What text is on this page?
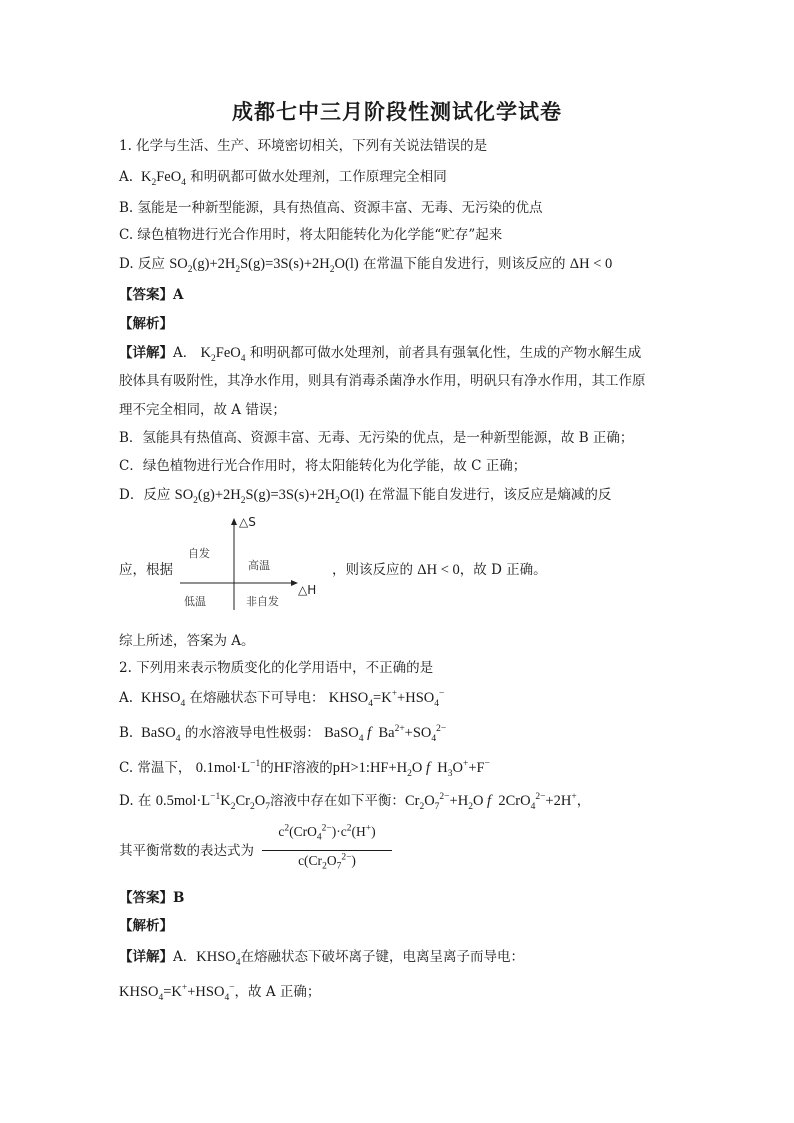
成都七中三月阶段性测试化学试卷
1. 化学与生活、生产、环境密切相关，下列有关说法错误的是
A.  $K_2FeO_4$ 和明矾都可做水处理剂，工作原理完全相同
B. 氢能是一种新型能源，具有热值高、资源丰富、无毒、无污染的优点
C. 绿色植物进行光合作用时，将太阳能转化为化学能“贮存”起来
D. 反应 $SO_2(g)+2H_2S(g)=3S(s)+2H_2O(l)$ 在常温下能自发进行，则该反应的 ΔH < 0
【答案】A
【解析】
【详解】A． $K_2FeO_4$ 和明矾都可做水处理剂，前者具有强氧化性，生成的产物水解生成
胶体具有吸附性，其净水作用，则具有消毒杀菌净水作用，明矾只有净水作用，其工作原
理不完全相同，故 A 错误；
B．氢能具有热值高、资源丰富、无毒、无污染的优点，是一种新型能源，故 B 正确；
C．绿色植物进行光合作用时，将太阳能转化为化学能，故 C 正确；
D．反应 $SO_2(g)+2H_2S(g)=3S(s)+2H_2O(l)$ 在常温下能自发进行，该反应是熵减的反
应，根据
△S
△H
自发
高温
低温	非自发
，则该反应的 ΔH < 0，故 D 正确。
综上所述，答案为 A。
2. 下列用来表示物质变化的化学用语中，不正确的是
A.  $KHSO_4$ 在熔融状态下可导电： $KHSO_4=K^++HSO_4^-$
B.  BaSO$_4$ 的水溶液导电性极弱： BaSO$_4$ f  $Ba^{2+}+SO_4^{2-}$
C. 常温下， $0.1mol\cdot L^{-1}$的HF溶液的$pH>1:HF+H_2O$ f  $H_3O^++F^-$
D. 在 $0.5mol\cdot L^{-1}K_2Cr_2O_7$溶液中存在如下平衡：$Cr_2O_7^{2-}+H_2O$ f  2CrO$_4^{2-}$+2H+，
其平衡常数的表达式为
$c^2(CrO_4^{2-})\cdot c^2(H^+)$
$c(Cr_2O_7^{2-})$
【答案】B
【解析】
【详解】A．$KHSO_4$在熔融状态下破坏离子键，电离呈离子而导电：
$KHSO_4=K^++HSO_4^-$，故 A 正确；
